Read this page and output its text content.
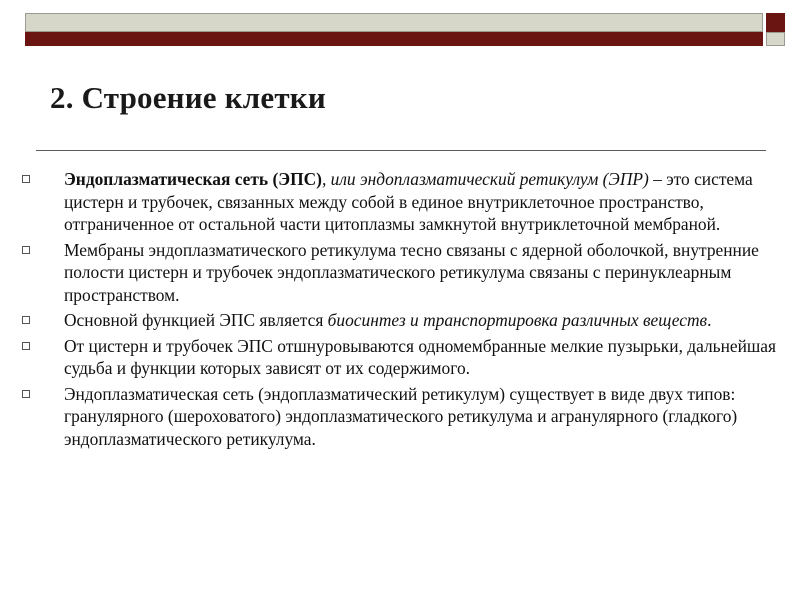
2. Строение клетки
Эндоплазматическая сеть (ЭПС), или эндоплазматический ретикулум (ЭПР) – это система цистерн и трубочек, связанных между собой в единое внутриклеточное пространство, отграниченное от остальной части цитоплазмы замкнутой внутриклеточной мембраной.
Мембраны эндоплазматического ретикулума тесно связаны с ядерной оболочкой, внутренние полости цистерн и трубочек эндоплазматического ретикулума связаны с перинуклеарным пространством.
Основной функцией ЭПС является биосинтез и транспортировка различных веществ.
От цистерн и трубочек ЭПС отшнуровываются одномембранные мелкие пузырьки, дальнейшая судьба и функции которых зависят от их содержимого.
Эндоплазматическая сеть (эндоплазматический ретикулум) существует в виде двух типов: гранулярного (шероховатого) эндоплазматического ретикулума и агранулярного (гладкого) эндоплазматического ретикулума.
